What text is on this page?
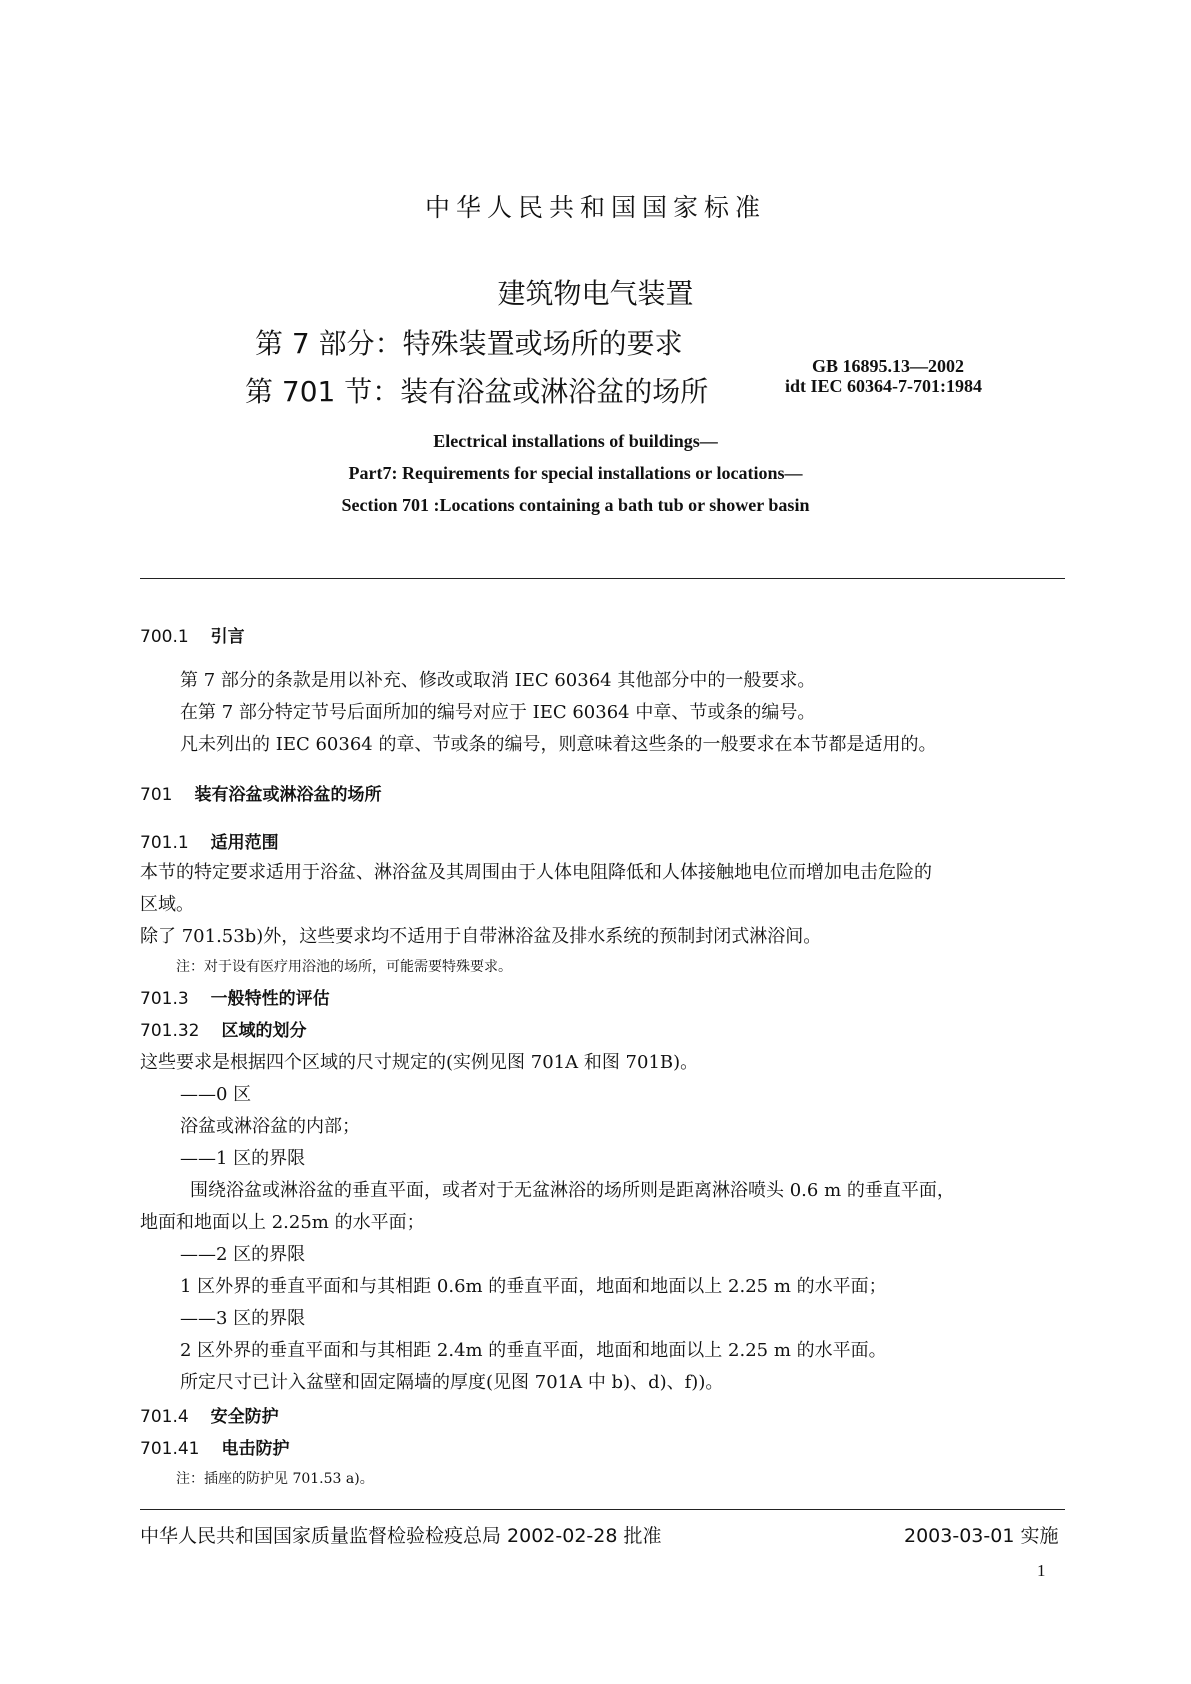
中华人民共和国国家标准
建筑物电气装置
第 7 部分：特殊装置或场所的要求
第 701 节：装有浴盆或淋浴盆的场所
GB 16895.13—2002
idt IEC 60364-7-701:1984
Electrical installations of buildings—
Part7: Requirements for special installations or locations—
Section 701 :Locations containing a bath tub or shower basin
700.1 引言
第 7 部分的条款是用以补充、修改或取消 IEC 60364 其他部分中的一般要求。
在第 7 部分特定节号后面所加的编号对应于 IEC 60364 中章、节或条的编号。
凡未列出的 IEC 60364 的章、节或条的编号，则意味着这些条的一般要求在本节都是适用的。
701 装有浴盆或淋浴盆的场所
701.1 适用范围
本节的特定要求适用于浴盆、淋浴盆及其周围由于人体电阻降低和人体接触地电位而增加电击危险的
区域。
除了 701.53b)外，这些要求均不适用于自带淋浴盆及排水系统的预制封闭式淋浴间。
注：对于设有医疗用浴池的场所，可能需要特殊要求。
701.3 一般特性的评估
701.32 区域的划分
这些要求是根据四个区域的尺寸规定的(实例见图 701A 和图 701B)。
——0 区
浴盆或淋浴盆的内部；
——1 区的界限
围绕浴盆或淋浴盆的垂直平面，或者对于无盆淋浴的场所则是距离淋浴喷头 0.6 m 的垂直平面，
地面和地面以上 2.25m 的水平面；
——2 区的界限
1 区外界的垂直平面和与其相距 0.6m 的垂直平面，地面和地面以上 2.25 m 的水平面；
——3 区的界限
2 区外界的垂直平面和与其相距 2.4m 的垂直平面，地面和地面以上 2.25 m 的水平面。
所定尺寸已计入盆壁和固定隔墙的厚度(见图 701A 中 b)、d)、f))。
701.4 安全防护
701.41 电击防护
注：插座的防护见 701.53 a)。
中华人民共和国国家质量监督检验检疫总局 2002-02-28 批准	2003-03-01 实施
1
